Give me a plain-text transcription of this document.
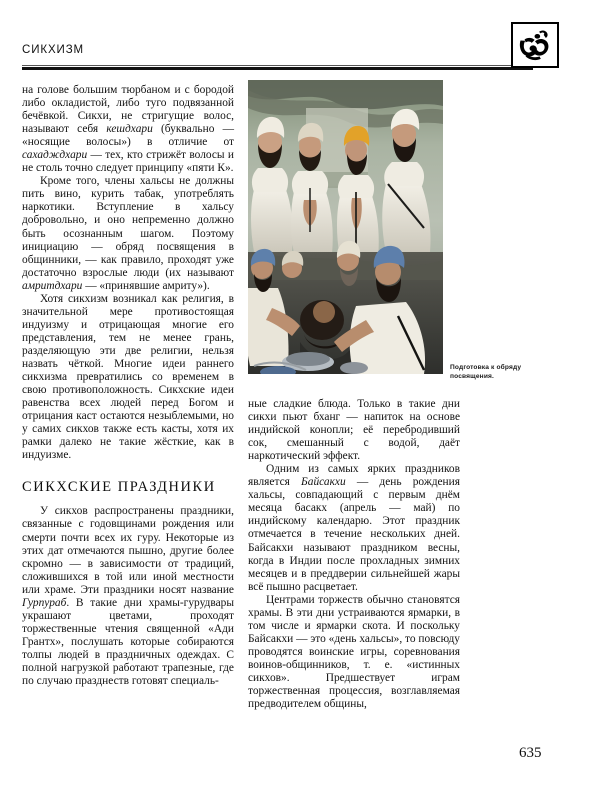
СИКХИЗМ

на голове большим тюрбаном и с бородой либо окладистой, либо туго подвязанной бечёвкой. Сикхи, не стригущие волос, называют себя кешдхари (буквально — «носящие волосы») в отличие от сахадждхари — тех, кто стрижёт волосы и не столь точно следует принципу «пяти К».

Кроме того, члены хальсы не должны пить вино, курить табак, употреблять наркотики. Вступление в хальсу добровольно, и оно непременно должно быть осознанным шагом. Поэтому инициацию — обряд посвящения в общинники, — как правило, проходят уже достаточно взрослые люди (их называют амритдхари — «принявшие амриту»).

Хотя сикхизм возникал как религия, в значительной мере противостоящая индуизму и отрицающая многие его представления, тем не менее грань, разделяющую эти две религии, нельзя назвать чёткой. Многие идеи раннего сикхизма превратились со временем в свою противоположность. Сикхские идеи равенства всех людей перед Богом и отрицания каст остаются незыблемыми, но у самих сикхов также есть касты, хотя их рамки далеко не такие жёсткие, как в индуизме.

СИКХСКИЕ ПРАЗДНИКИ

У сикхов распространены праздники, связанные с годовщинами рождения или смерти почти всех их гуру. Некоторые из этих дат отмечаются пышно, другие более скромно — в зависимости от традиций, сложившихся в той или иной местности или храме. Эти праздники носят название Гурпураб. В такие дни храмы-гурудвары украшают цветами, проходят торжественные чтения священной «Ади Грантх», послушать которые собираются толпы людей в праздничных одеждах. С полной нагрузкой работают трапезные, где по случаю празднеств готовят специаль-

Подготовка к обряду посвящения.

ные сладкие блюда. Только в такие дни сикхи пьют бханг — напиток на основе индийской конопли; её перебродивший сок, смешанный с водой, даёт наркотический эффект.

Одним из самых ярких праздников является Байсакхи — день рождения хальсы, совпадающий с первым днём месяца басакх (апрель — май) по индийскому календарю. Этот праздник отмечается в течение нескольких дней. Байсакхи называют праздником весны, когда в Индии после прохладных зимних месяцев и в преддверии сильнейшей жары всё пышно расцветает.

Центрами торжеств обычно становятся храмы. В эти дни устраиваются ярмарки, в том числе и ярмарки скота. И поскольку Байсакхи — это «день хальсы», то повсюду проводятся воинские игры, соревнования воинов-общинников, т. е. «истинных сикхов». Предшествует играм торжественная процессия, возглавляемая предводителем общины,

635
